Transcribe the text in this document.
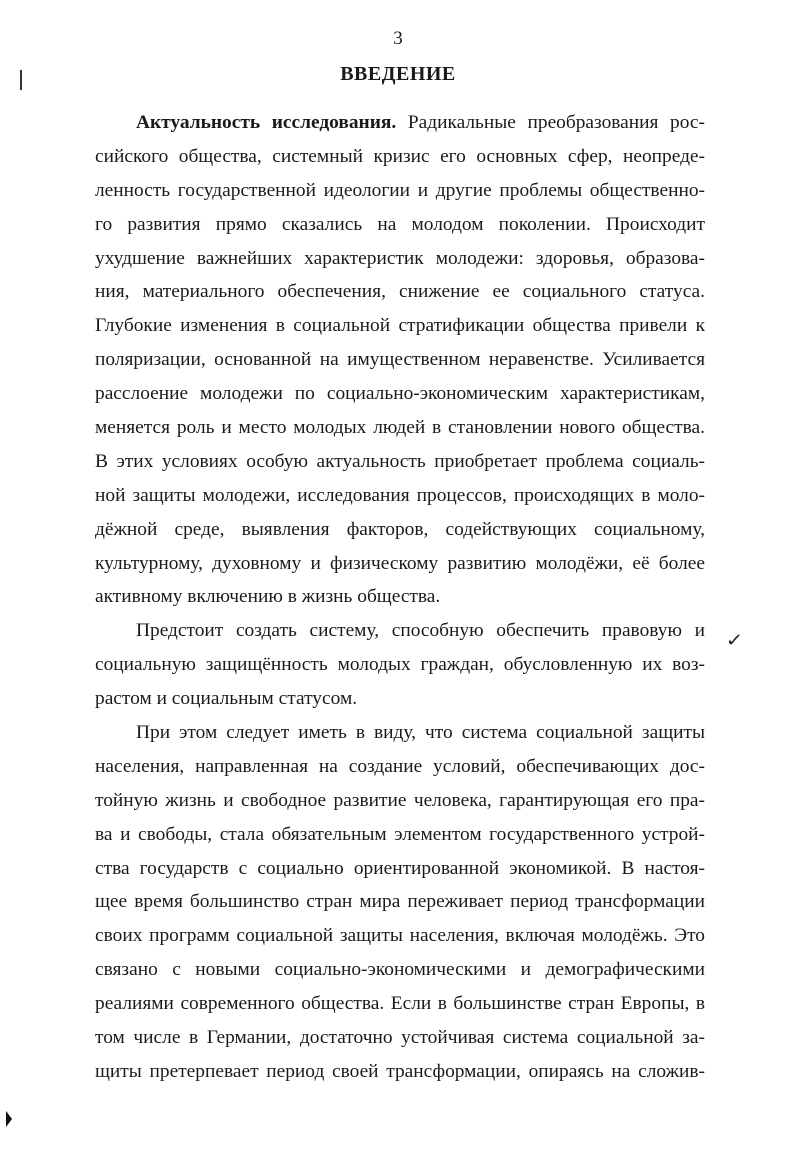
3
ВВЕДЕНИЕ
✓
Актуальность исследования. Радикальные преобразования рос-
сийского общества, системный кризис его основных сфер, неопреде-
ленность государственной идеологии и другие проблемы общественно-
го развития прямо сказались на молодом поколении. Происходит
ухудшение важнейших характеристик молодежи: здоровья, образова-
ния, материального обеспечения, снижение ее социального статуса.
Глубокие изменения в социальной стратификации общества привели к
поляризации, основанной на имущественном неравенстве. Усиливается
расслоение молодежи по социально-экономическим характеристикам,
меняется роль и место молодых людей в становлении нового общества.
В этих условиях особую актуальность приобретает проблема социаль-
ной защиты молодежи, исследования процессов, происходящих в моло-
дёжной среде, выявления факторов, содействующих социальному,
культурному, духовному и физическому развитию молодёжи, её более
активному включению в жизнь общества.
Предстоит создать систему, способную обеспечить правовую и
социальную защищённость молодых граждан, обусловленную их воз-
растом и социальным статусом.
При этом следует иметь в виду, что система социальной защиты
населения, направленная на создание условий, обеспечивающих дос-
тойную жизнь и свободное развитие человека, гарантирующая его пра-
ва и свободы, стала обязательным элементом государственного устрой-
ства государств с социально ориентированной экономикой. В настоя-
щее время большинство стран мира переживает период трансформации
своих программ социальной защиты населения, включая молодёжь. Это
связано с новыми социально-экономическими и демографическими
реалиями современного общества. Если в большинстве стран Европы, в
том числе в Германии, достаточно устойчивая система социальной за-
щиты претерпевает период своей трансформации, опираясь на сложив-
